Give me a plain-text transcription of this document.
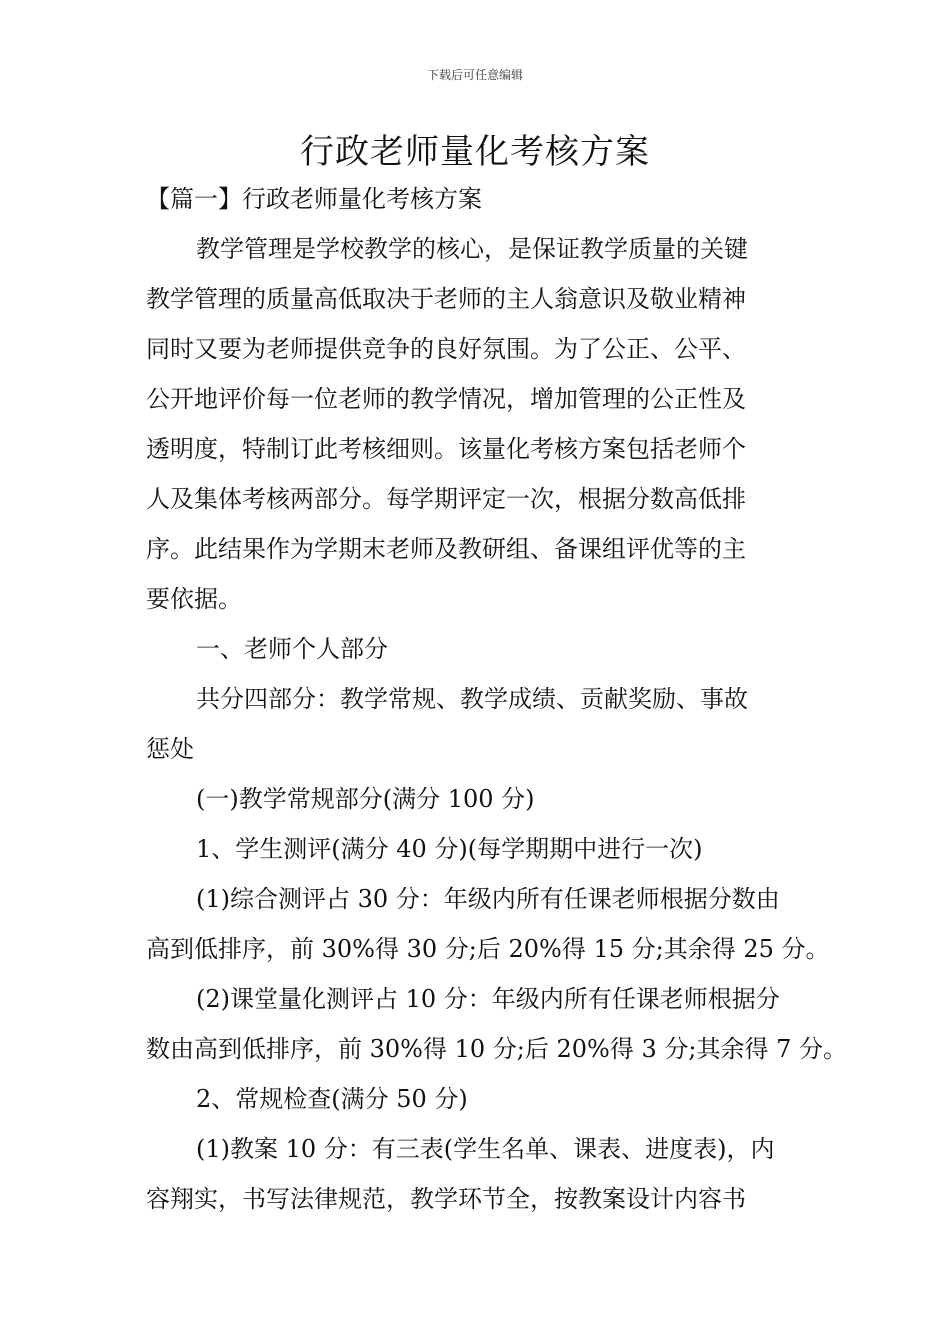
下载后可任意编辑
行政老师量化考核方案
【篇一】行政老师量化考核方案
教学管理是学校教学的核心，是保证教学质量的关键
教学管理的质量高低取决于老师的主人翁意识及敬业精神
同时又要为老师提供竞争的良好氛围。为了公正、公平、
公开地评价每一位老师的教学情况，增加管理的公正性及
透明度，特制订此考核细则。该量化考核方案包括老师个
人及集体考核两部分。每学期评定一次，根据分数高低排
序。此结果作为学期末老师及教研组、备课组评优等的主
要依据。
一、老师个人部分
共分四部分：教学常规、教学成绩、贡献奖励、事故
惩处
(一)教学常规部分(满分 100 分)
1、学生测评(满分 40 分)(每学期期中进行一次)
(1)综合测评占 30 分：年级内所有任课老师根据分数由
高到低排序，前 30%得 30 分;后 20%得 15 分;其余得 25 分。
(2)课堂量化测评占 10 分：年级内所有任课老师根据分
数由高到低排序，前 30%得 10 分;后 20%得 3 分;其余得 7 分。
2、常规检查(满分 50 分)
(1)教案 10 分：有三表(学生名单、课表、进度表)，内
容翔实，书写法律规范，教学环节全，按教案设计内容书
